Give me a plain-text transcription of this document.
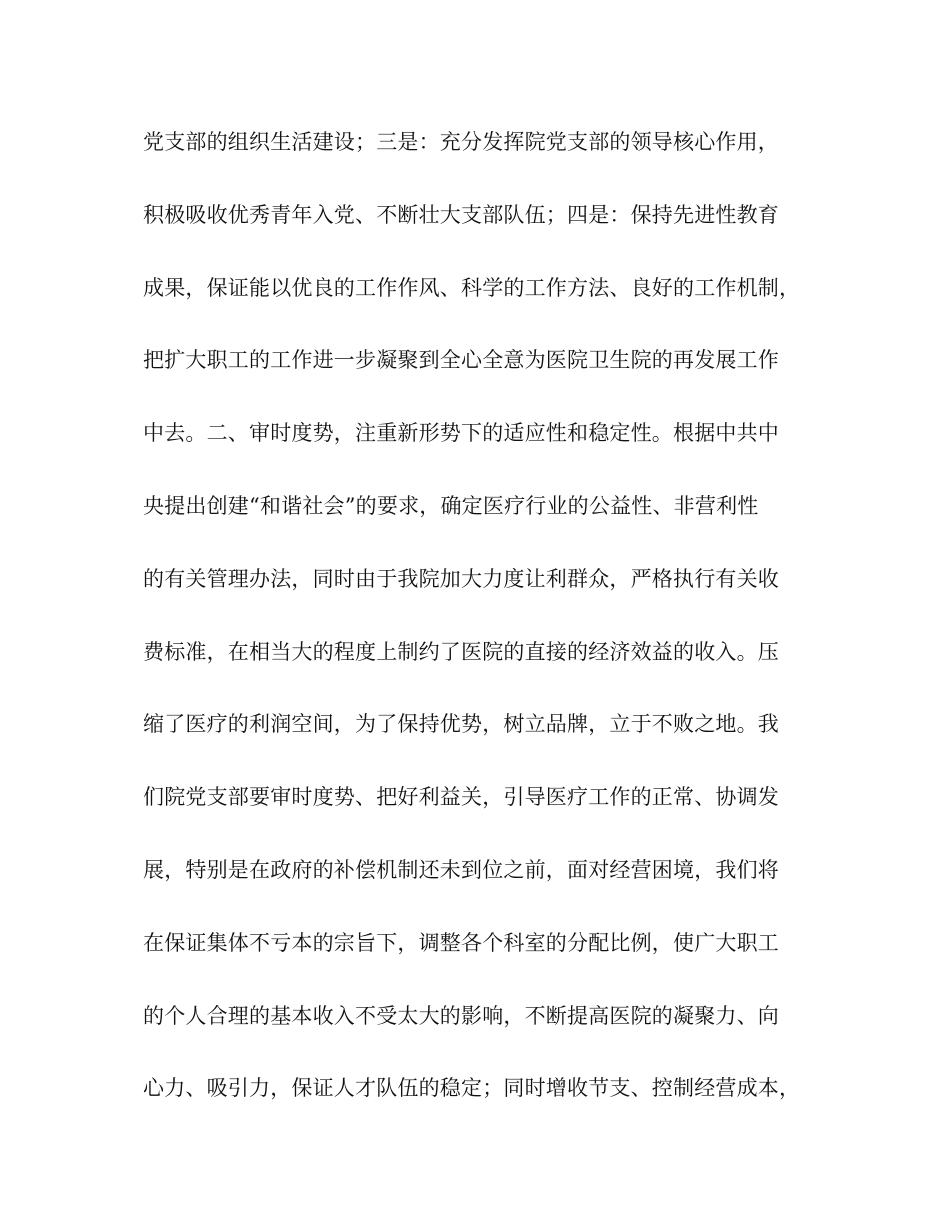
党支部的组织生活建设；三是：充分发挥院党支部的领导核心作用，
积极吸收优秀青年入党、不断壮大支部队伍；四是：保持先进性教育
成果，保证能以优良的工作作风、科学的工作方法、良好的工作机制，
把扩大职工的工作进一步凝聚到全心全意为医院卫生院的再发展工作
中去。二、审时度势，注重新形势下的适应性和稳定性。根据中共中
央提出创建“和谐社会”的要求，确定医疗行业的公益性、非营利性
的有关管理办法，同时由于我院加大力度让利群众，严格执行有关收
费标准，在相当大的程度上制约了医院的直接的经济效益的收入。压
缩了医疗的利润空间，为了保持优势，树立品牌，立于不败之地。我
们院党支部要审时度势、把好利益关，引导医疗工作的正常、协调发
展，特别是在政府的补偿机制还未到位之前，面对经营困境，我们将
在保证集体不亏本的宗旨下，调整各个科室的分配比例，使广大职工
的个人合理的基本收入不受太大的影响，不断提高医院的凝聚力、向
心力、吸引力，保证人才队伍的稳定；同时增收节支、控制经营成本，
